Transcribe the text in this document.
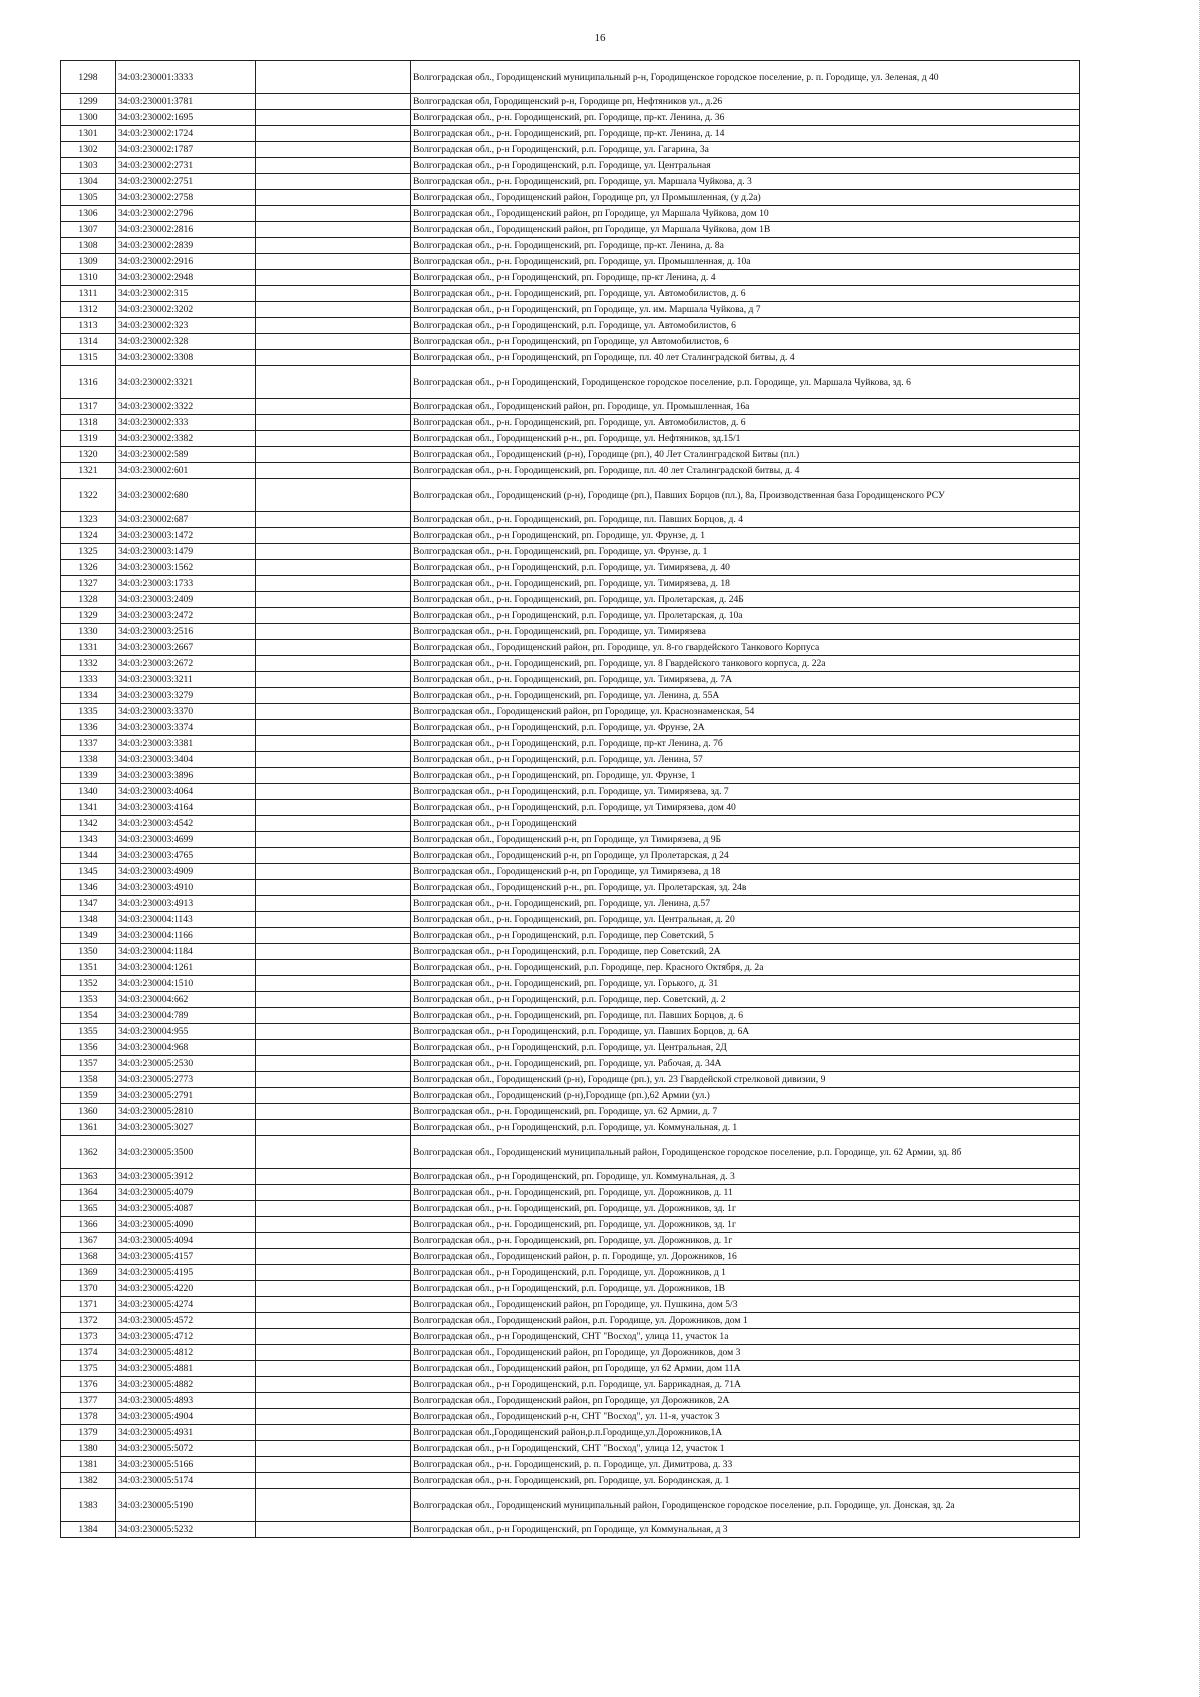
16
1298	34:03:230001:3333		Волгоградская обл., Городищенский муниципальный р-н, Городищенское городское поселение, р. п. Городище, ул. Зеленая, д 40
1299	34:03:230001:3781		Волгоградская обл, Городищенский р-н, Городище рп, Нефтяников ул., д.26
1300	34:03:230002:1695		Волгоградская обл., р-н. Городищенский, рп. Городище, пр-кт. Ленина, д. 36
1301	34:03:230002:1724		Волгоградская обл., р-н. Городищенский, рп. Городище, пр-кт. Ленина, д. 14
1302	34:03:230002:1787		Волгоградская обл., р-н Городищенский, р.п. Городище, ул. Гагарина, 3а
1303	34:03:230002:2731		Волгоградская обл., р-н Городищенский, р.п. Городище, ул. Центральная
1304	34:03:230002:2751		Волгоградская обл., р-н. Городищенский, рп. Городище, ул. Маршала Чуйкова, д. 3
1305	34:03:230002:2758		Волгоградская обл., Городищенский район, Городище рп, ул Промышленная, (у д.2а)
1306	34:03:230002:2796		Волгоградская обл., Городищенский район, рп Городище, ул Маршала Чуйкова, дом 10
1307	34:03:230002:2816		Волгоградская обл., Городищенский район, рп Городище, ул Маршала Чуйкова, дом 1В
1308	34:03:230002:2839		Волгоградская обл., р-н. Городищенский, рп. Городище, пр-кт. Ленина, д. 8а
1309	34:03:230002:2916		Волгоградская обл., р-н. Городищенский, рп. Городище, ул. Промышленная, д. 10а
1310	34:03:230002:2948		Волгоградская обл., р-н Городищенский, рп. Городище, пр-кт Ленина, д. 4
1311	34:03:230002:315		Волгоградская обл., р-н. Городищенский, рп. Городище, ул. Автомобилистов, д. 6
1312	34:03:230002:3202		Волгоградская обл., р-н Городищенский, рп Городище, ул. им. Маршала Чуйкова, д 7
1313	34:03:230002:323		Волгоградская обл., р-н Городищенский, р.п. Городище, ул. Автомобилистов, 6
1314	34:03:230002:328		Волгоградская обл., р-н Городищенский, рп Городище, ул Автомобилистов, 6
1315	34:03:230002:3308		Волгоградская обл., р-н Городищенский, рп Городище, пл. 40 лет Сталинградской битвы, д. 4
1316	34:03:230002:3321		Волгоградская обл., р-н Городищенский, Городищенское городское поселение, р.п. Городище, ул. Маршала Чуйкова, зд. 6
1317	34:03:230002:3322		Волгоградская обл., Городищенский район, рп. Городище, ул. Промышленная, 16а
1318	34:03:230002:333		Волгоградская обл., р-н. Городищенский, рп. Городище, ул. Автомобилистов, д. 6
1319	34:03:230002:3382		Волгоградская обл., Городищенский р-н., рп. Городище, ул. Нефтяников, зд.15/1
1320	34:03:230002:589		Волгоградская обл., Городищенский (р-н), Городище (рп.), 40 Лет Сталинградской Битвы (пл.)
1321	34:03:230002:601		Волгоградская обл., р-н. Городищенский, рп. Городище, пл. 40 лет Сталинградской битвы, д. 4
1322	34:03:230002:680		Волгоградская обл., Городищенский (р-н), Городище (рп.), Павших Борцов (пл.), 8а, Производственная база Городищенского РСУ
1323	34:03:230002:687		Волгоградская обл., р-н. Городищенский, рп. Городище, пл. Павших Борцов, д. 4
1324	34:03:230003:1472		Волгоградская обл., р-н Городищенский, рп. Городище, ул. Фрунзе, д. 1
1325	34:03:230003:1479		Волгоградская обл., р-н. Городищенский, рп. Городище, ул. Фрунзе, д. 1
1326	34:03:230003:1562		Волгоградская обл., р-н Городищенский, р.п. Городище, ул. Тимирязева, д. 40
1327	34:03:230003:1733		Волгоградская обл., р-н. Городищенский, рп. Городище, ул. Тимирязева, д. 18
1328	34:03:230003:2409		Волгоградская обл., р-н. Городищенский, рп. Городище, ул. Пролетарская, д. 24Б
1329	34:03:230003:2472		Волгоградская обл., р-н Городищенский, р.п. Городище, ул. Пролетарская, д. 10а
1330	34:03:230003:2516		Волгоградская обл., р-н. Городищенский, рп. Городище, ул. Тимирязева
1331	34:03:230003:2667		Волгоградская обл., Городищенский район, рп. Городище, ул. 8-го гвардейского Танкового Корпуса
1332	34:03:230003:2672		Волгоградская обл., р-н. Городищенский, рп. Городище, ул. 8 Гвардейского танкового корпуса, д. 22а
1333	34:03:230003:3211		Волгоградская обл., р-н. Городищенский, рп. Городище, ул. Тимирязева, д. 7А
1334	34:03:230003:3279		Волгоградская обл., р-н. Городищенский, рп. Городище, ул. Ленина, д. 55А
1335	34:03:230003:3370		Волгоградская обл., Городищенский район, рп Городище, ул. Краснознаменская, 54
1336	34:03:230003:3374		Волгоградская обл., р-н Городищенский, р.п. Городище, ул. Фрунзе, 2А
1337	34:03:230003:3381		Волгоградская обл., р-н Городищенский, р.п. Городище, пр-кт Ленина, д. 7б
1338	34:03:230003:3404		Волгоградская обл., р-н Городищенский, р.п. Городище, ул. Ленина, 57
1339	34:03:230003:3896		Волгоградская обл., р-н Городищенский, рп. Городище, ул. Фрунзе, 1
1340	34:03:230003:4064		Волгоградская обл., р-н Городищенский, р.п. Городище, ул. Тимирязева, зд. 7
1341	34:03:230003:4164		Волгоградская обл., р-н Городищенский, р.п. Городище, ул Тимирязева, дом 40
1342	34:03:230003:4542		Волгоградская обл., р-н Городищенский
1343	34:03:230003:4699		Волгоградская обл., Городищенский р-н, рп Городище, ул Тимирязева, д 9Б
1344	34:03:230003:4765		Волгоградская обл., Городищенский р-н, рп Городище, ул Пролетарская, д 24
1345	34:03:230003:4909		Волгоградская обл., Городищенский р-н, рп Городище, ул Тимирязева, д 18
1346	34:03:230003:4910		Волгоградская обл., Городищенский р-н., рп. Городище, ул. Пролетарская, зд. 24в
1347	34:03:230003:4913		Волгоградская обл., р-н. Городищенский, рп. Городище, ул. Ленина, д.57
1348	34:03:230004:1143		Волгоградская обл., р-н. Городищенский, рп. Городище, ул. Центральная, д. 20
1349	34:03:230004:1166		Волгоградская обл., р-н Городищенский, р.п. Городище, пер Советский, 5
1350	34:03:230004:1184		Волгоградская обл., р-н Городищенский, р.п. Городище, пер Советский, 2А
1351	34:03:230004:1261		Волгоградская обл., р-н. Городищенский, р.п. Городище, пер. Красного Октября, д. 2а
1352	34:03:230004:1510		Волгоградская обл., р-н. Городищенский, рп. Городище, ул. Горького, д. 31
1353	34:03:230004:662		Волгоградская обл., р-н Городищенский, р.п. Городище, пер. Советский, д. 2
1354	34:03:230004:789		Волгоградская обл., р-н. Городищенский, рп. Городище, пл. Павших Борцов, д. 6
1355	34:03:230004:955		Волгоградская обл., р-н Городищенский, р.п. Городище, ул. Павших Борцов, д. 6А
1356	34:03:230004:968		Волгоградская обл., р-н Городищенский, р.п. Городище, ул. Центральная, 2Д
1357	34:03:230005:2530		Волгоградская обл., р-н. Городищенский, рп. Городище, ул. Рабочая, д. 34А
1358	34:03:230005:2773		Волгоградская обл., Городищенский (р-н), Городище (рп.), ул. 23 Гвардейской стрелковой дивизии, 9
1359	34:03:230005:2791		Волгоградская обл., Городищенский (р-н),Городище (рп.),62 Армии (ул.)
1360	34:03:230005:2810		Волгоградская обл., р-н. Городищенский, рп. Городище, ул. 62 Армии, д. 7
1361	34:03:230005:3027		Волгоградская обл., р-н Городищенский, р.п. Городище, ул. Коммунальная, д. 1
1362	34:03:230005:3500		Волгоградская обл., Городищенский муниципальный район, Городищенское городское поселение, р.п. Городище, ул. 62 Армии, зд. 8б
1363	34:03:230005:3912		Волгоградская обл., р-н Городищенский, рп. Городище, ул. Коммунальная, д. 3
1364	34:03:230005:4079		Волгоградская обл., р-н. Городищенский, рп. Городище, ул. Дорожников, д. 11
1365	34:03:230005:4087		Волгоградская обл., р-н. Городищенский, рп. Городище, ул. Дорожников, зд. 1г
1366	34:03:230005:4090		Волгоградская обл., р-н. Городищенский, рп. Городище, ул. Дорожников, зд. 1г
1367	34:03:230005:4094		Волгоградская обл., р-н. Городищенский, рп. Городище, ул. Дорожников, д. 1г
1368	34:03:230005:4157		Волгоградская обл., Городищенский район, р. п. Городище, ул. Дорожников, 16
1369	34:03:230005:4195		Волгоградская обл., р-н Городищенский, р.п. Городище, ул. Дорожников, д 1
1370	34:03:230005:4220		Волгоградская обл., р-н Городищенский, р.п. Городище, ул. Дорожников, 1В
1371	34:03:230005:4274		Волгоградская обл., Городищенский район, рп Городище, ул. Пушкина, дом 5/3
1372	34:03:230005:4572		Волгоградская обл., Городищенский район, р.п. Городище, ул. Дорожников, дом 1
1373	34:03:230005:4712		Волгоградская обл., р-н Городищенский, СНТ "Восход", улица 11, участок 1а
1374	34:03:230005:4812		Волгоградская обл., Городищенский район, рп Городище, ул Дорожников, дом 3
1375	34:03:230005:4881		Волгоградская обл., Городищенский район, рп Городище, ул 62 Армии, дом 11А
1376	34:03:230005:4882		Волгоградская обл., р-н Городищенский, р.п. Городище, ул. Баррикадная, д. 71А
1377	34:03:230005:4893		Волгоградская обл., Городищенский район, рп Городище, ул Дорожников, 2А
1378	34:03:230005:4904		Волгоградская обл., Городищенский р-н, СНТ "Восход", ул. 11-я, участок 3
1379	34:03:230005:4931		Волгоградская обл.,Городищенский район,р.п.Городище,ул.Дорожников,1А
1380	34:03:230005:5072		Волгоградская обл., р-н Городищенский, СНТ "Восход", улица 12, участок 1
1381	34:03:230005:5166		Волгоградская обл., р-н. Городищенский, р. п. Городище, ул. Димитрова, д. 33
1382	34:03:230005:5174		Волгоградская обл., р-н. Городищенский, рп. Городище, ул. Бородинская, д. 1
1383	34:03:230005:5190		Волгоградская обл., Городищенский муниципальный район, Городищенское городское поселение, р.п. Городище, ул. Донская, зд. 2а
1384	34:03:230005:5232		Волгоградская обл., р-н Городищенский, рп Городище, ул Коммунальная, д 3
